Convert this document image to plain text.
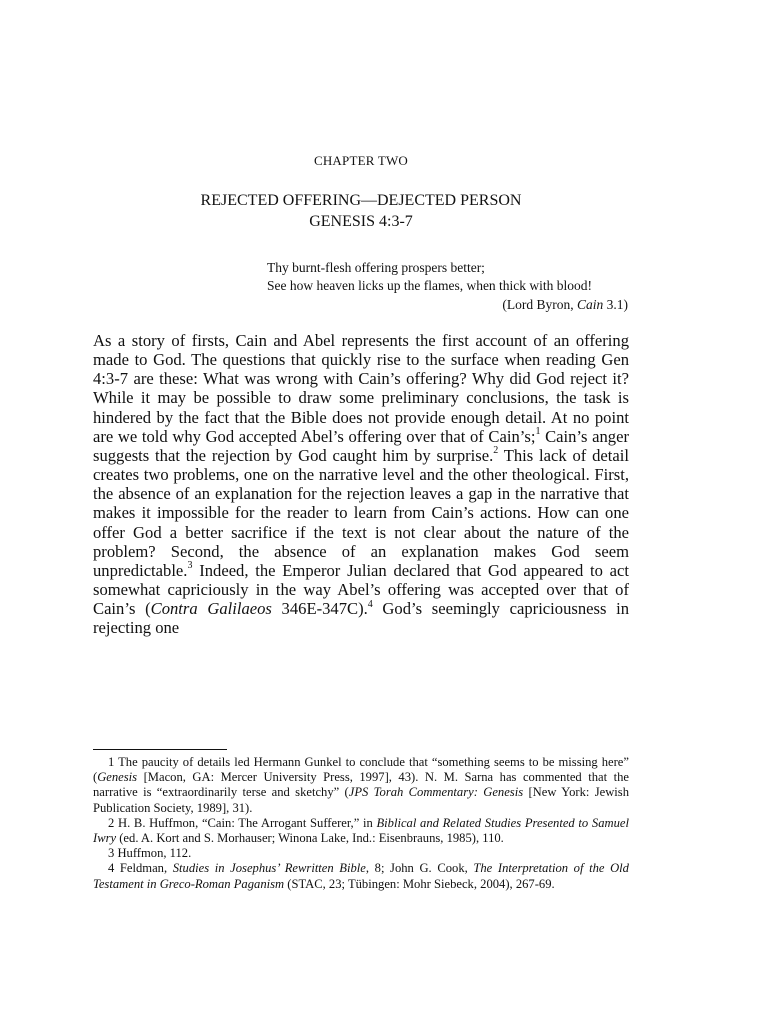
CHAPTER TWO
REJECTED OFFERING—DEJECTED PERSON
GENESIS 4:3-7
Thy burnt-flesh offering prospers better;
See how heaven licks up the flames, when thick with blood!
(Lord Byron, Cain 3.1)
As a story of firsts, Cain and Abel represents the first account of an offering made to God. The questions that quickly rise to the surface when reading Gen 4:3-7 are these: What was wrong with Cain’s offering? Why did God reject it? While it may be possible to draw some preliminary conclusions, the task is hindered by the fact that the Bible does not provide enough detail. At no point are we told why God accepted Abel’s offering over that of Cain’s;$^1$ Cain’s anger suggests that the rejection by God caught him by surprise.$^2$ This lack of detail creates two problems, one on the narrative level and the other theological. First, the absence of an explanation for the rejection leaves a gap in the narrative that makes it impossible for the reader to learn from Cain’s actions. How can one offer God a better sacrifice if the text is not clear about the nature of the problem? Second, the absence of an explanation makes God seem unpredictable.$^3$ Indeed, the Emperor Julian declared that God appeared to act somewhat capriciously in the way Abel’s offering was accepted over that of Cain’s (Contra Galilaeos 346E-347C).$^4$ God’s seemingly capriciousness in rejecting one

1 The paucity of details led Hermann Gunkel to conclude that “something seems to be missing here” (Genesis [Macon, GA: Mercer University Press, 1997], 43). N. M. Sarna has commented that the narrative is “extraordinarily terse and sketchy” (JPS Torah Commentary: Genesis [New York: Jewish Publication Society, 1989], 31).

2 H. B. Huffmon, “Cain: The Arrogant Sufferer,” in Biblical and Related Studies Presented to Samuel Iwry (ed. A. Kort and S. Morhauser; Winona Lake, Ind.: Eisenbrauns, 1985), 110.

3 Huffmon, 112.

4 Feldman, Studies in Josephus’ Rewritten Bible, 8; John G. Cook, The Interpretation of the Old Testament in Greco-Roman Paganism (STAC, 23; Tübingen: Mohr Siebeck, 2004), 267-69.
